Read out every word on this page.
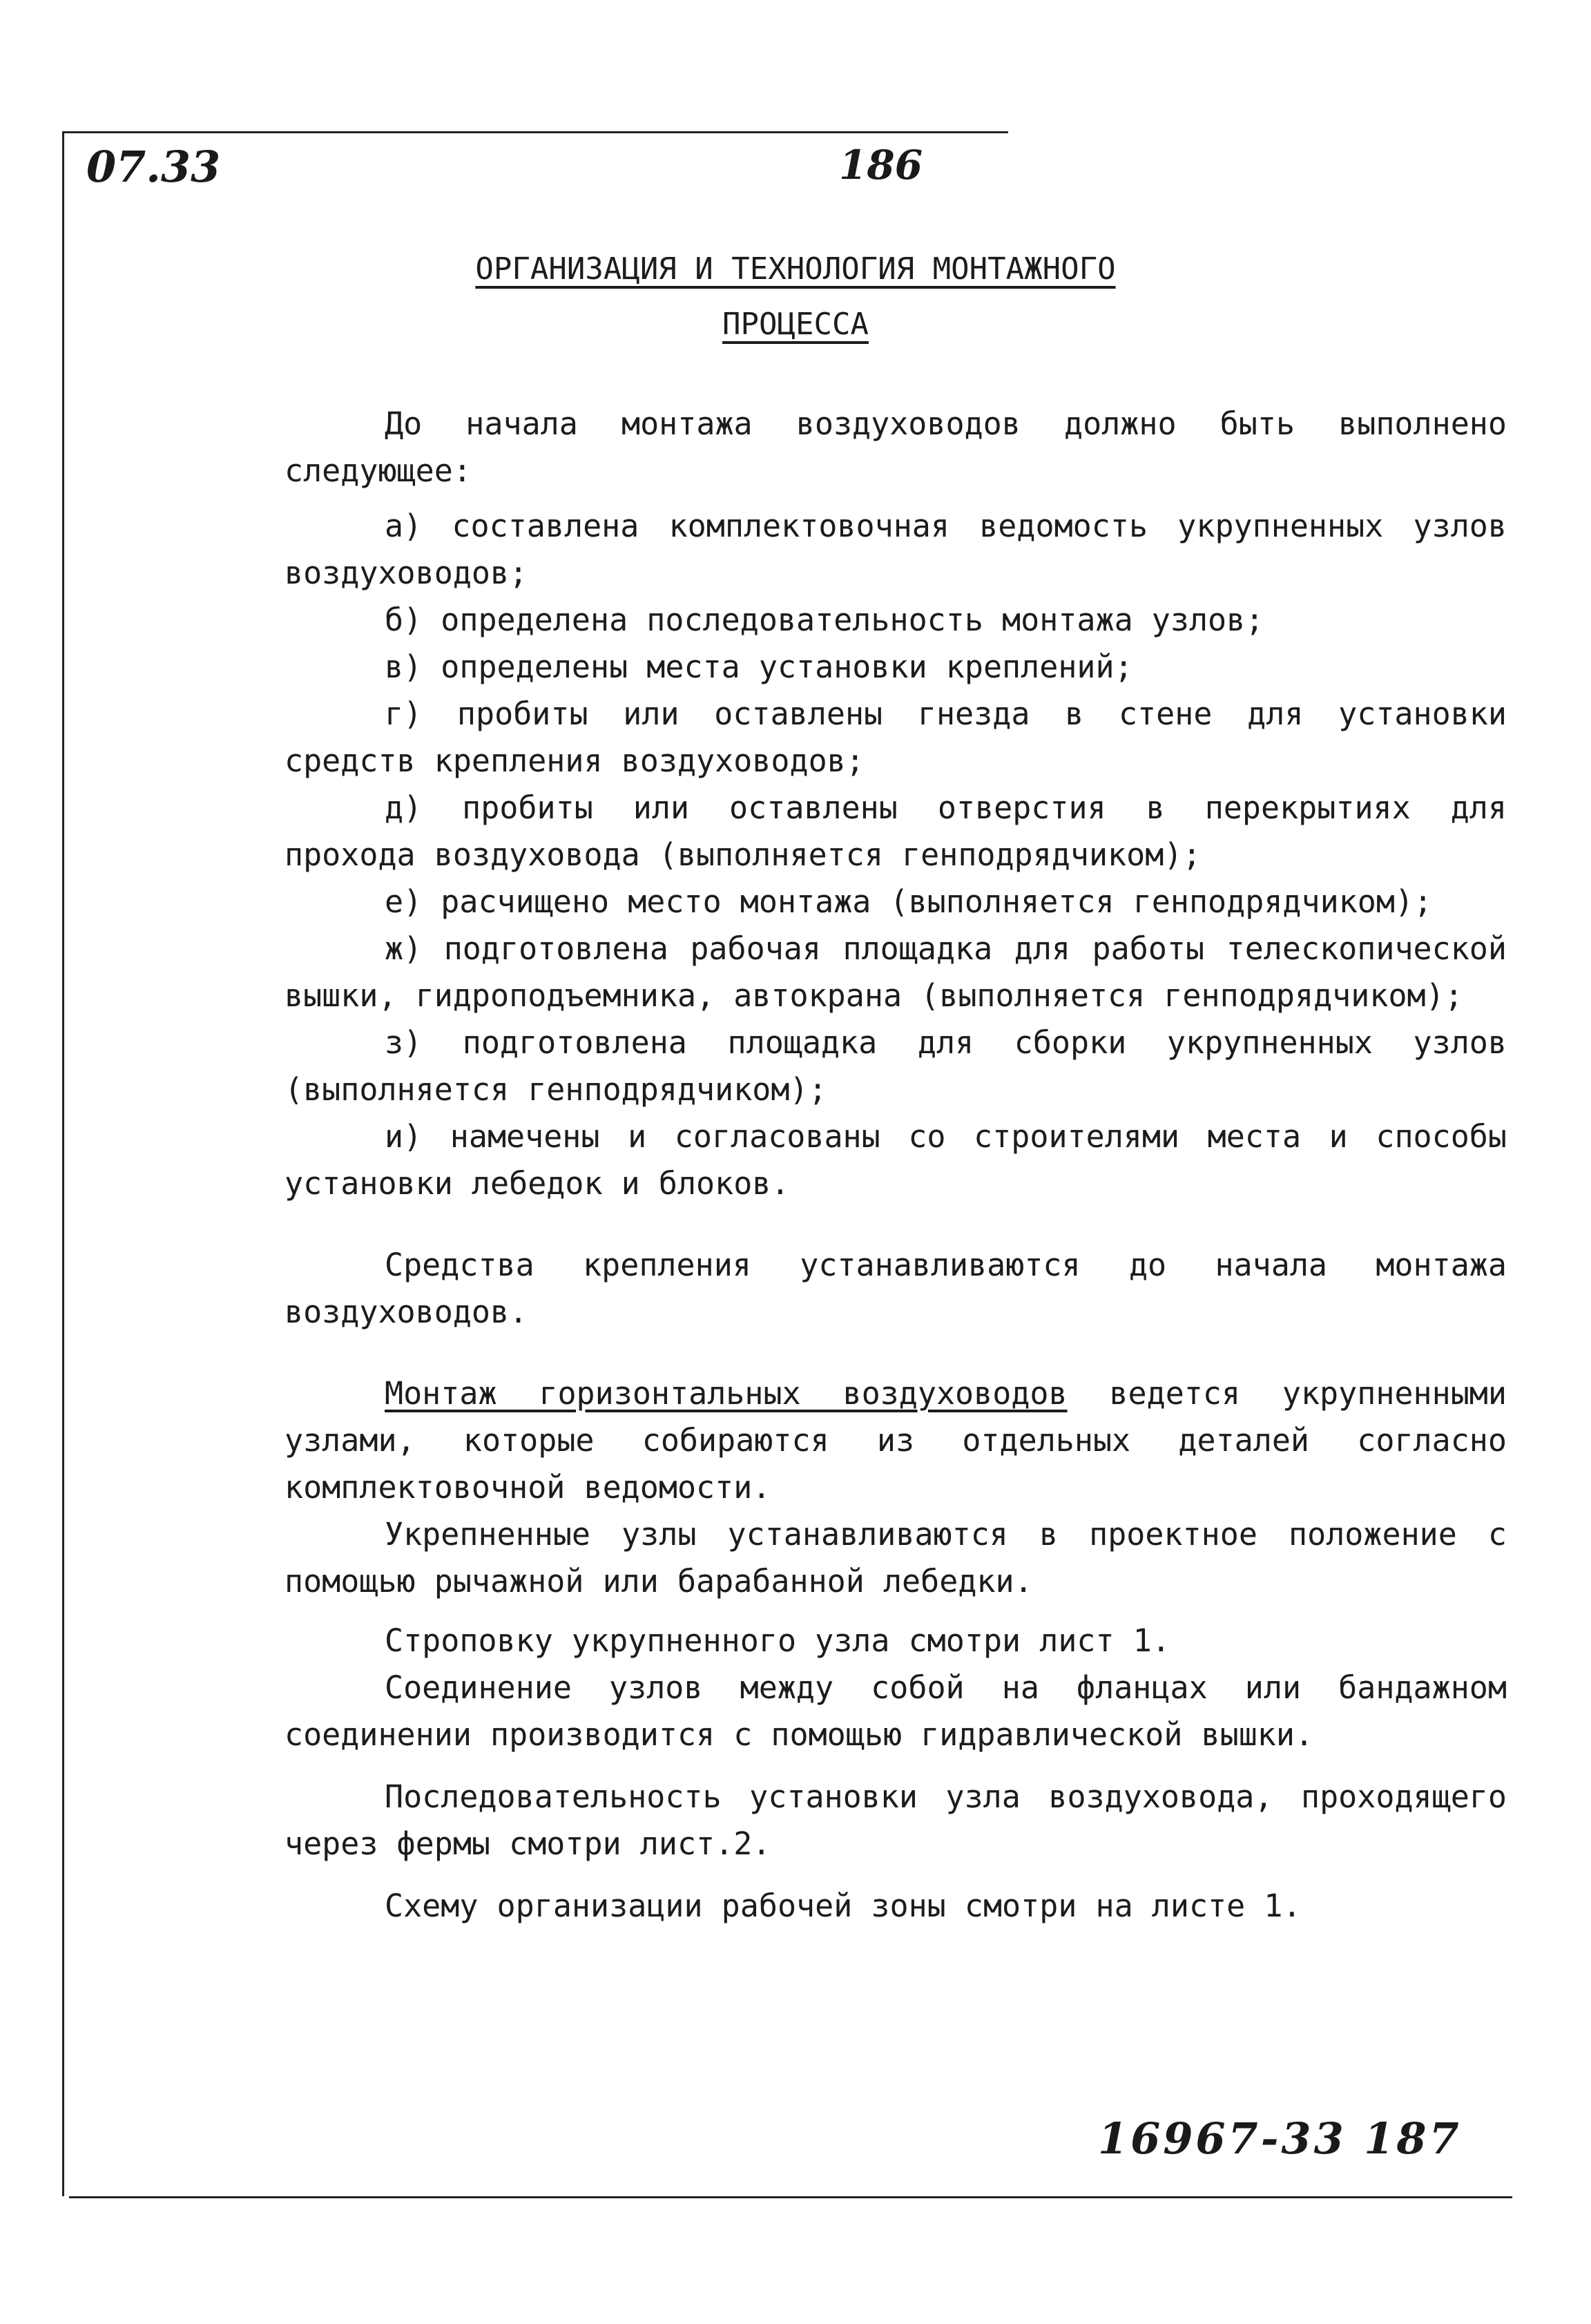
07.33	186
ОРГАНИЗАЦИЯ И ТЕХНОЛОГИЯ МОНТАЖНОГО
ПРОЦЕССА

До начала монтажа воздуховодов должно быть выполнено следующее:

а) составлена комплектовочная ведомость укрупненных узлов воздуховодов;

б) определена последовательность монтажа узлов;

в) определены места установки креплений;

г) пробиты или оставлены гнезда в стене для установки средств крепления воздуховодов;

д) пробиты или оставлены отверстия в перекрытиях для прохода воздуховода (выполняется генподрядчиком);

е) расчищено место монтажа (выполняется генподрядчиком);

ж) подготовлена рабочая площадка для работы телескопической вышки, гидроподъемника, автокрана (выполняется генподрядчиком);

з) подготовлена площадка для сборки укрупненных узлов (выполняется генподрядчиком);

и) намечены и согласованы со строителями места и способы установки лебедок и блоков.

Средства крепления устанавливаются до начала монтажа воздуховодов.

Монтаж горизонтальных воздуховодов ведется укрупненными узлами, которые собираются из отдельных деталей согласно комплектовочной ведомости.

Укрепненные узлы устанавливаются в проектное положение с помощью рычажной или барабанной лебедки.

Строповку укрупненного узла смотри лист 1.

Соединение узлов между собой на фланцах или бандажном соединении производится с помощью гидравлической вышки.

Последовательность установки узла воздуховода, проходящего через фермы смотри лист.2.

Схему организации рабочей зоны смотри на листе 1.

16967-33 187
